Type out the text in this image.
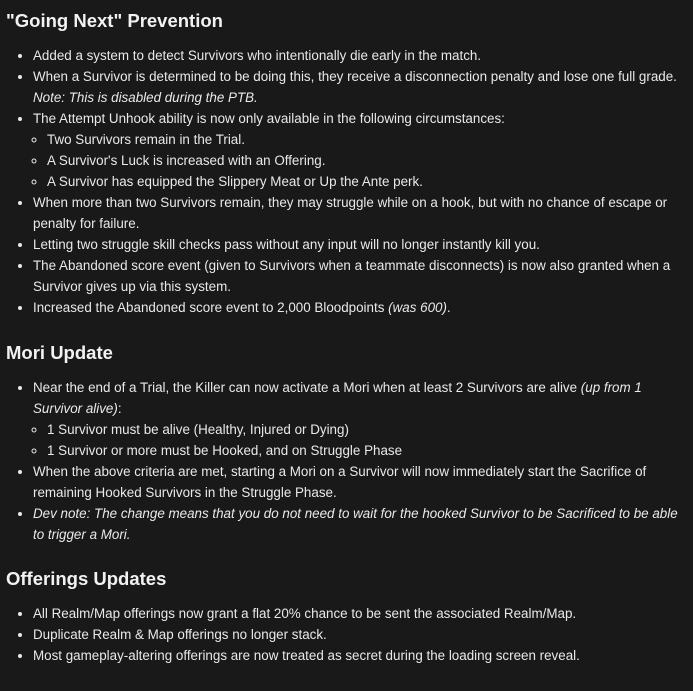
"Going Next" Prevention
• Added a system to detect Survivors who intentionally die early in the match.
• When a Survivor is determined to be doing this, they receive a disconnection penalty and lose one full grade. Note: This is disabled during the PTB.
• The Attempt Unhook ability is now only available in the following circumstances:
◦ Two Survivors remain in the Trial.
◦ A Survivor's Luck is increased with an Offering.
◦ A Survivor has equipped the Slippery Meat or Up the Ante perk.
• When more than two Survivors remain, they may struggle while on a hook, but with no chance of escape or penalty for failure.
• Letting two struggle skill checks pass without any input will no longer instantly kill you.
• The Abandoned score event (given to Survivors when a teammate disconnects) is now also granted when a Survivor gives up via this system.
• Increased the Abandoned score event to 2,000 Bloodpoints (was 600).
Mori Update
• Near the end of a Trial, the Killer can now activate a Mori when at least 2 Survivors are alive (up from 1 Survivor alive):
◦ 1 Survivor must be alive (Healthy, Injured or Dying)
◦ 1 Survivor or more must be Hooked, and on Struggle Phase
• When the above criteria are met, starting a Mori on a Survivor will now immediately start the Sacrifice of remaining Hooked Survivors in the Struggle Phase.
• Dev note: The change means that you do not need to wait for the hooked Survivor to be Sacrificed to be able to trigger a Mori.
Offerings Updates
• All Realm/Map offerings now grant a flat 20% chance to be sent the associated Realm/Map.
• Duplicate Realm & Map offerings no longer stack.
• Most gameplay-altering offerings are now treated as secret during the loading screen reveal.
